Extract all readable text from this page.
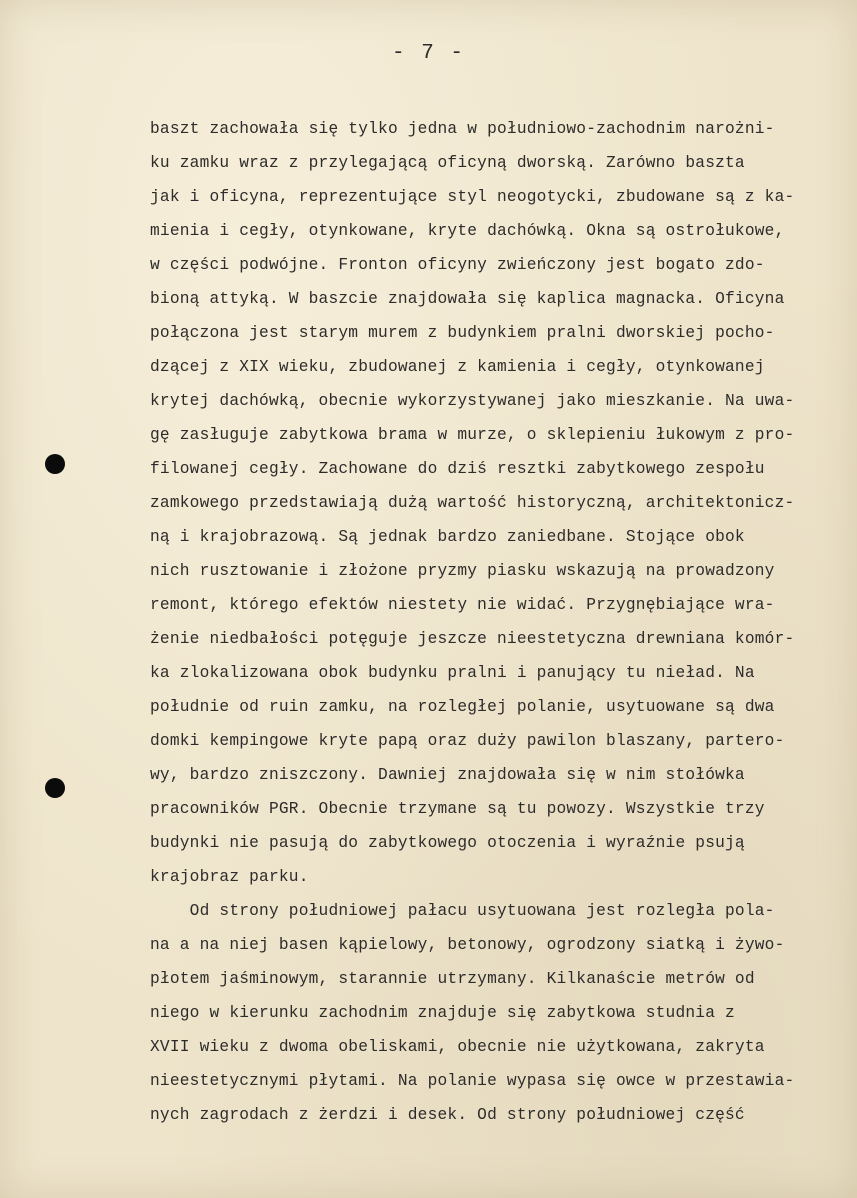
- 7 -
baszt zachowała się tylko jedna w południowo-zachodnim narożni-
ku zamku wraz z przylegającą oficyną dworską. Zarówno baszta
jak i oficyna, reprezentujące styl neogotycki, zbudowane są z ka-
mienia i cegły, otynkowane, kryte dachówką. Okna są ostrołukowe,
w części podwójne. Fronton oficyny zwieńczony jest bogato zdo-
bioną attyką. W baszcie znajdowała się kaplica magnacka. Oficyna
połączona jest starym murem z budynkiem pralni dworskiej pocho-
dzącej z XIX wieku, zbudowanej z kamienia i cegły, otynkowanej
krytej dachówką, obecnie wykorzystywanej jako mieszkanie. Na uwa-
gę zasługuje zabytkowa brama w murze, o sklepieniu łukowym z pro-
filowanej cegły. Zachowane do dziś resztki zabytkowego zespołu
zamkowego przedstawiają dużą wartość historyczną, architektonicz-
ną i krajobrazową. Są jednak bardzo zaniedbane. Stojące obok
nich rusztowanie i złożone pryzmy piasku wskazują na prowadzony
remont, którego efektów niestety nie widać. Przygnębiające wra-
żenie niedbałości potęguje jeszcze nieestetyczna drewniana komór-
ka zlokalizowana obok budynku pralni i panujący tu nieład. Na
południe od ruin zamku, na rozległej polanie, usytuowane są dwa
domki kempingowe kryte papą oraz duży pawilon blaszany, partero-
wy, bardzo zniszczony. Dawniej znajdowała się w nim stołówka
pracowników PGR. Obecnie trzymane są tu powozy. Wszystkie trzy
budynki nie pasują do zabytkowego otoczenia i wyraźnie psują
krajobraz parku.
Od strony południowej pałacu usytuowana jest rozległa pola-
na a na niej basen kąpielowy, betonowy, ogrodzony siatką i żywo-
płotem jaśminowym, starannie utrzymany. Kilkanaście metrów od
niego w kierunku zachodnim znajduje się zabytkowa studnia z
XVII wieku z dwoma obeliskami, obecnie nie użytkowana, zakryta
nieestetycznymi płytami. Na polanie wypasa się owce w przestawia-
nych zagrodach z żerdzi i desek. Od strony południowej część
